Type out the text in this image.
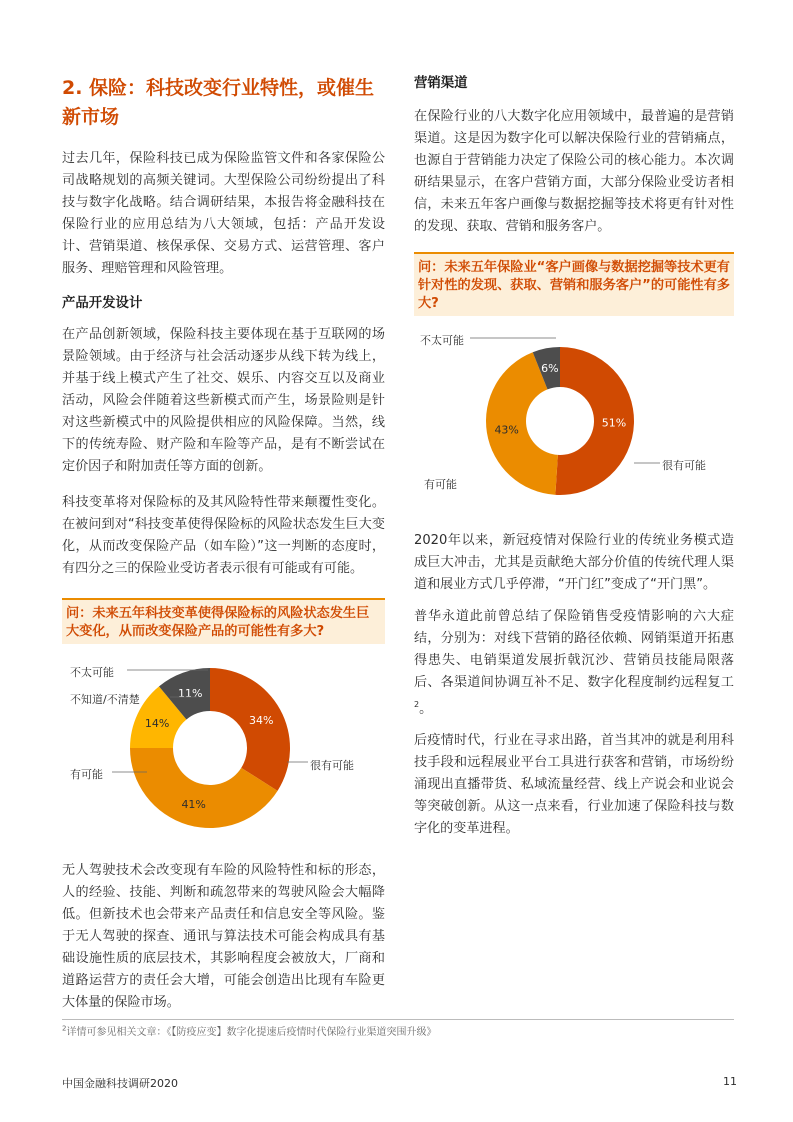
2. 保险：科技改变行业特性，或催生新市场

过去几年，保险科技已成为保险监管文件和各家保险公司战略规划的高频关键词。大型保险公司纷纷提出了科技与数字化战略。结合调研结果，本报告将金融科技在保险行业的应用总结为八大领域，包括：产品开发设计、营销渠道、核保承保、交易方式、运营管理、客户服务、理赔管理和风险管理。

产品开发设计

在产品创新领域，保险科技主要体现在基于互联网的场景险领域。由于经济与社会活动逐步从线下转为线上，并基于线上模式产生了社交、娱乐、内容交互以及商业活动，风险会伴随着这些新模式而产生，场景险则是针对这些新模式中的风险提供相应的风险保障。当然，线下的传统寿险、财产险和车险等产品，是有不断尝试在定价因子和附加责任等方面的创新。

科技变革将对保险标的及其风险特性带来颠覆性变化。在被问到对“科技变革使得保险标的风险状态发生巨大变化，从而改变保险产品（如车险）”这一判断的态度时，有四分之三的保险业受访者表示很有可能或有可能。

问：未来五年科技变革使得保险标的风险状态发生巨大变化，从而改变保险产品的可能性有多大?
34%
41%
14%
11%
不太可能
不知道/不清楚
有可能
很有可能

无人驾驶技术会改变现有车险的风险特性和标的形态，人的经验、技能、判断和疏忽带来的驾驶风险会大幅降低。但新技术也会带来产品责任和信息安全等风险。鉴于无人驾驶的探查、通讯与算法技术可能会构成具有基础设施性质的底层技术，其影响程度会被放大，厂商和道路运营方的责任会大增，可能会创造出比现有车险更大体量的保险市场。

营销渠道

在保险行业的八大数字化应用领域中，最普遍的是营销渠道。这是因为数字化可以解决保险行业的营销痛点，也源自于营销能力决定了保险公司的核心能力。本次调研结果显示，在客户营销方面，大部分保险业受访者相信，未来五年客户画像与数据挖掘等技术将更有针对性的发现、获取、营销和服务客户。

问：未来五年保险业“客户画像与数据挖掘等技术更有针对性的发现、获取、营销和服务客户”的可能性有多大?
51%
43%
6%
不太可能
有可能
很有可能

2020年以来，新冠疫情对保险行业的传统业务模式造成巨大冲击，尤其是贡献绝大部分价值的传统代理人渠道和展业方式几乎停滞，“开门红”变成了“开门黑”。

普华永道此前曾总结了保险销售受疫情影响的六大症结，分别为：对线下营销的路径依赖、网销渠道开拓惠得患失、电销渠道发展折戟沉沙、营销员技能局限落后、各渠道间协调互补不足、数字化程度制约远程复工$^2$。

后疫情时代，行业在寻求出路，首当其冲的就是利用科技手段和远程展业平台工具进行获客和营销，市场纷纷涌现出直播带货、私域流量经营、线上产说会和业说会等突破创新。从这一点来看，行业加速了保险科技与数字化的变革进程。

$^2$详情可参见相关文章：《【防疫应变】数字化提速后疫情时代保险行业渠道突围升级》
中国金融科技调研2020	11
